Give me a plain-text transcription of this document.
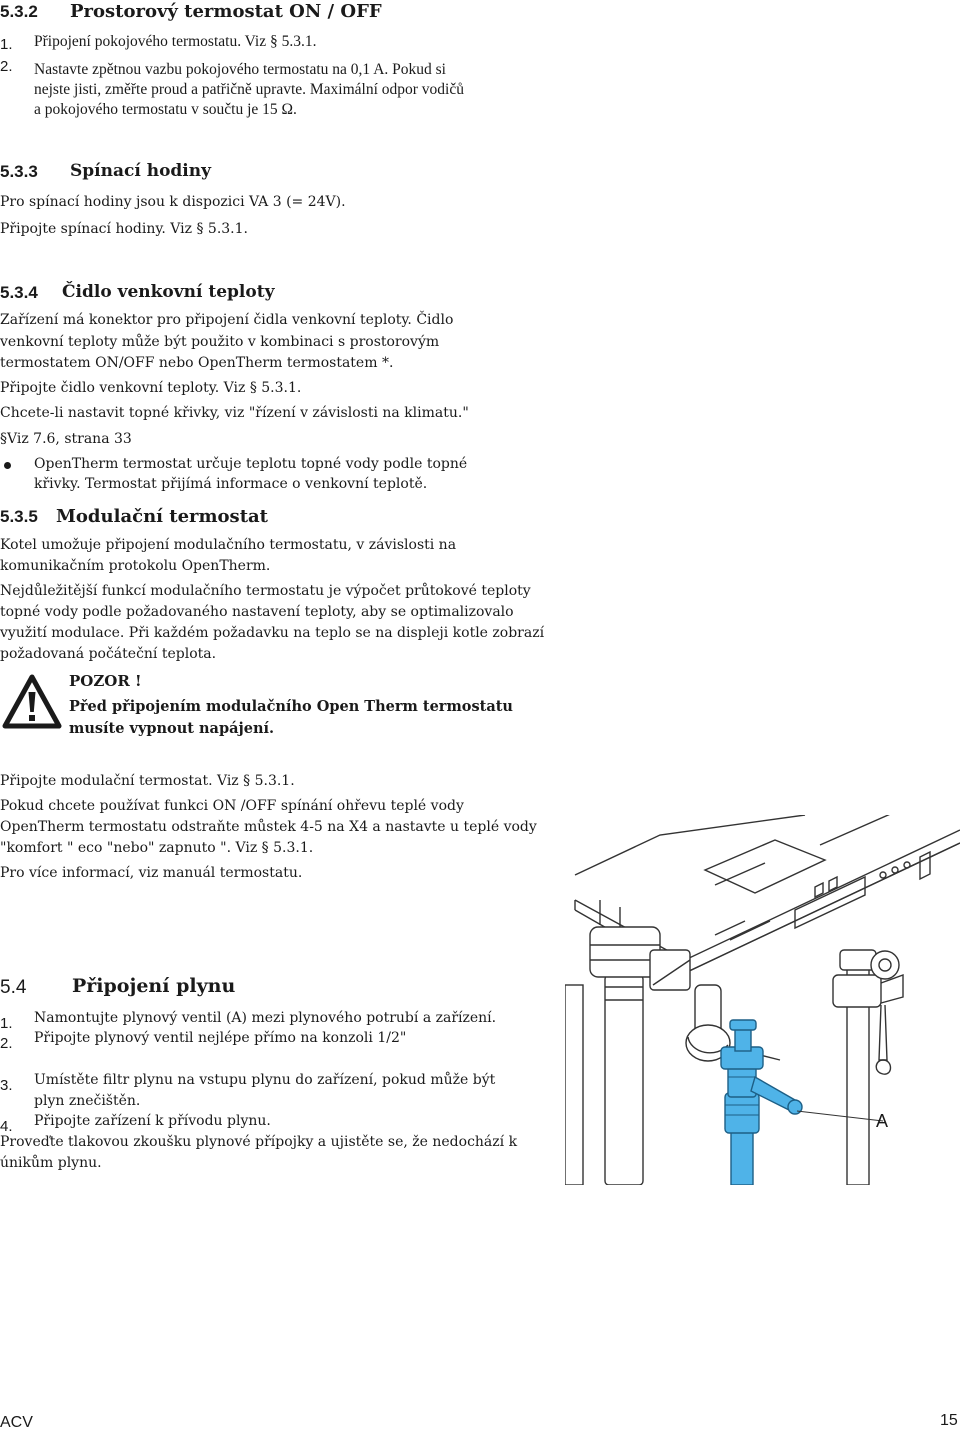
5.3.2 Prostorový termostat ON / OFF
1. Připojení pokojového termostatu. Viz § 5.3.1.
2. Nastavte zpětnou vazbu pokojového termostatu na 0,1 A. Pokud si
nejste jisti, změřte proud a patřičně upravte. Maximální odpor vodičů
a pokojového termostatu v součtu je 15 Ω.
5.3.3 Spínací hodiny
Pro spínací hodiny jsou k dispozici VA 3 (= 24V).
Připojte spínací hodiny. Viz § 5.3.1.
5.3.4 Čidlo venkovní teploty
Zařízení má konektor pro připojení čidla venkovní teploty. Čidlo
venkovní teploty může být použito v kombinaci s prostorovým
termostatem ON/OFF nebo OpenTherm termostatem *.
Připojte čidlo venkovní teploty. Viz § 5.3.1.
Chcete-li nastavit topné křivky, viz "řízení v závislosti na klimatu."
§Viz 7.6, strana 33
OpenTherm termostat určuje teplotu topné vody podle topné
křivky. Termostat přijímá informace o venkovní teplotě.
5.3.5 Modulační termostat
Kotel umožuje připojení modulačního termostatu, v závislosti na
komunikačním protokolu OpenTherm.
Nejdůležitější funkcí modulačního termostatu je výpočet průtokové teploty
topné vody podle požadovaného nastavení teploty, aby se optimalizovalo
využití modulace. Při každém požadavku na teplo se na displeji kotle zobrazí
požadovaná počáteční teplota.
POZOR !
Před připojením modulačního Open Therm termostatu
musíte vypnout napájení.
Připojte modulační termostat. Viz § 5.3.1.
Pokud chcete používat funkci ON /OFF spínání ohřevu teplé vody
OpenTherm termostatu odstraňte můstek 4-5 na X4 a nastavte u teplé vody
"komfort " eco "nebo" zapnuto ". Viz § 5.3.1.
Pro více informací, viz manuál termostatu.
A
5.4 Připojení plynu
1. Namontujte plynový ventil (A) mezi plynového potrubí a zařízení.
2. Připojte plynový ventil nejlépe přímo na konzoli 1/2"
3. Umístěte filtr plynu na vstupu plynu do zařízení, pokud může být
plyn znečištěn.
4. Připojte zařízení k přívodu plynu.
Proveďte tlakovou zkoušku plynové přípojky a ujistěte se, že nedochází k
únikům plynu.
ACV	15
